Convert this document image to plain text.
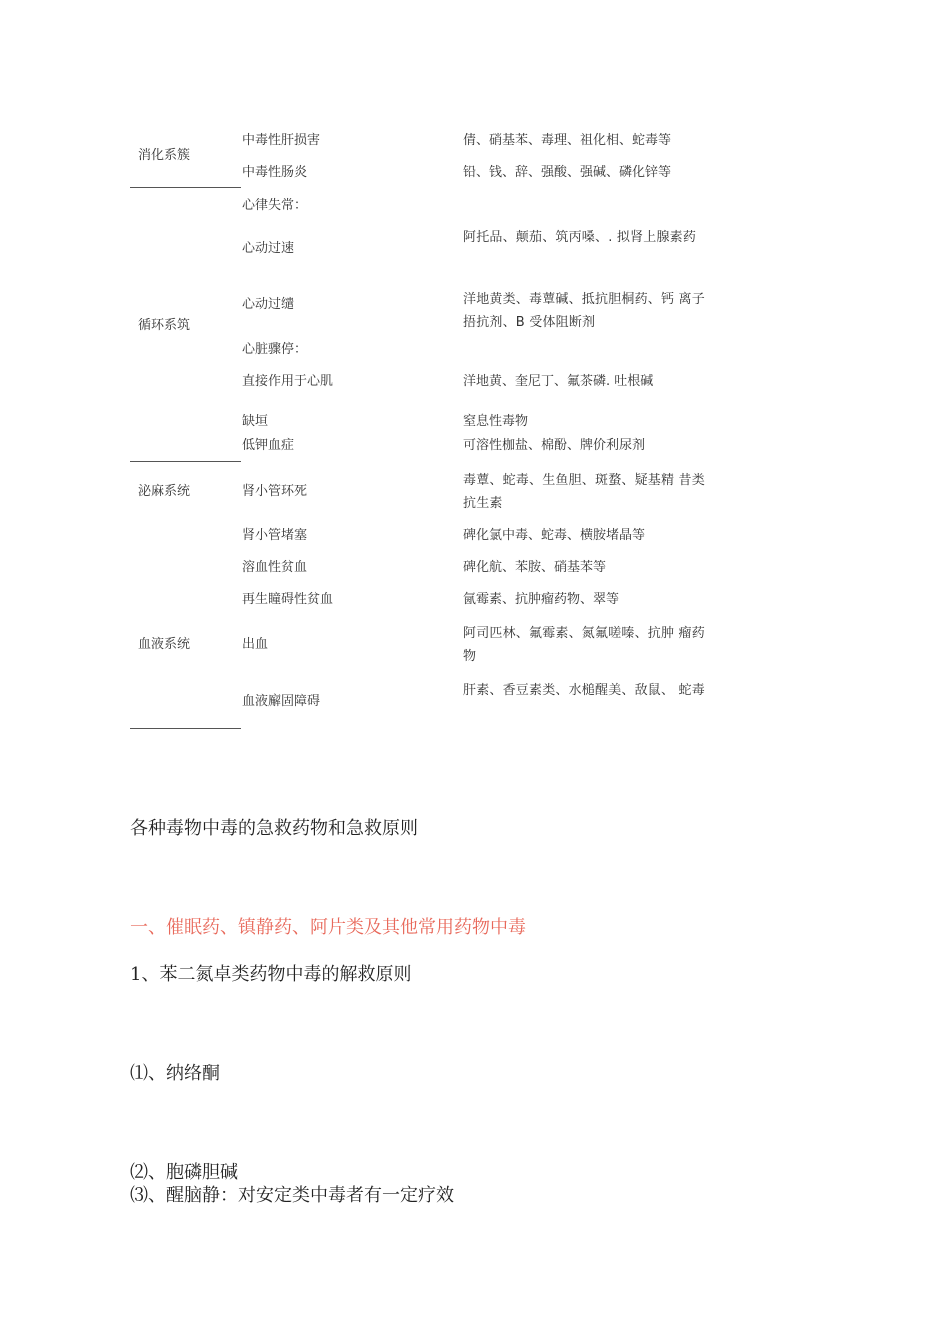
消化系簇
循环系筑
泌麻系统
血液系统
中毒性肝损害
中毒性肠炎
心律失常：
心动过速
心动过缱
心脏骤停：
直接作用于心肌
缺垣
低钾血症
肾小管环死
肾小管堵塞
溶血性贫血
再生瞳碍性贫血
出血
血液廨固障碍
倩、硝基苯、毒理、祖化相、蛇毒等
铅、钱、辞、强酸、强碱、磷化锌等
阿托品、颠茄、筑丙嗓、. 拟肾上腺素药
洋地黄类、毒蕈碱、抵抗胆桐药、钙 离子捂抗剂、Β 受体阻断剂
洋地黄、奎尼丁、氟茶磷. 吐根碱
窒息性毒物
可溶性枷盐、棉酚、牌价利尿剂
毒蕈、蛇毒、生鱼胆、斑蝥、疑基精 昔类抗生素
碑化氯中毒、蛇毒、横胺堵晶等
碑化航、苯胺、硝基苯等
氤霉素、抗肿瘤药物、翠等
阿司匹林、氟霉素、氮氟嗟嗪、抗肿 瘤药物
肝素、香豆素类、水槌醒美、敌鼠、 蛇毒
各种毒物中毒的急救药物和急救原则
一、催眠药、镇静药、阿片类及其他常用药物中毒
1、苯二氮卓类药物中毒的解救原则
⑴、纳络酮
⑵、胞磷胆碱
⑶、醒脑静：对安定类中毒者有一定疗效
